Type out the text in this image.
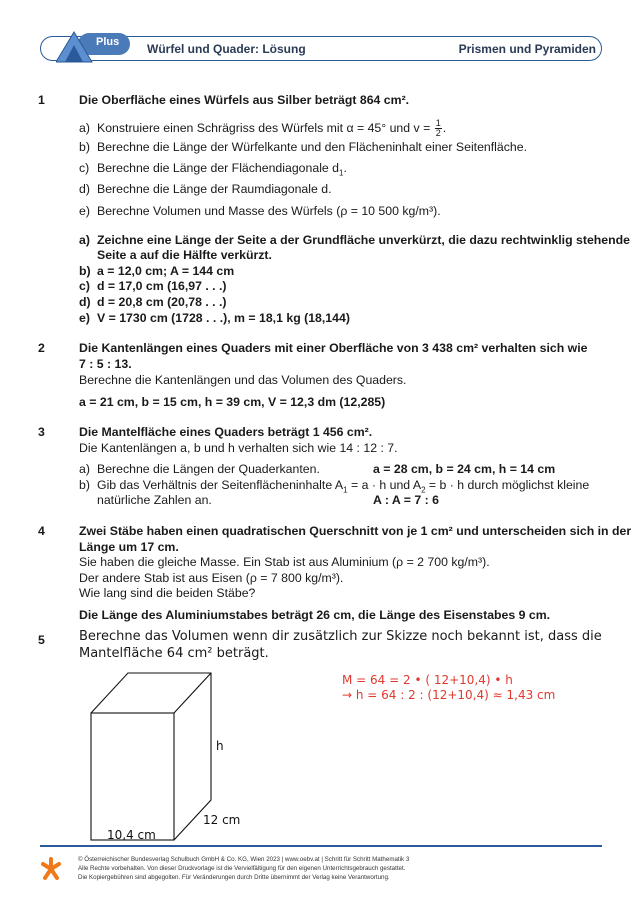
Plus Würfel und Quader: Lösung	Prismen und Pyramiden
1	Die Oberfläche eines Würfels aus Silber beträgt 864 cm².
a) Konstruiere einen Schrägriss des Würfels mit α = 45° und $v = \frac{1}{2}$ .
b) Berechne die Länge der Würfelkante und den Flächeninhalt einer Seitenfläche.
c) Berechne die Länge der Flächendiagonale $d_1$.
d) Berechne die Länge der Raumdiagonale d.
e) Berechne Volumen und Masse des Würfels (ρ = 10 500 kg/m³).
a) Zeichne eine Länge der Seite a der Grundfläche unverkürzt, die dazu rechtwinklig stehende
Seite a auf die Hälfte verkürzt.
b) a = 12,0 cm; A = 144 cm
c) d = 17,0 cm (16,97 . . .)
d) d = 20,8 cm (20,78 . . .)
e) V = 1730 cm (1728 . . .), m = 18,1 kg (18,144)
2	Die Kantenlängen eines Quaders mit einer Oberfläche von 3 438 cm² verhalten sich wie
7 : 5 : 13.
Berechne die Kantenlängen und das Volumen des Quaders.
a = 21 cm, b = 15 cm, h = 39 cm, V = 12,3 dm (12,285)
3	Die Mantelfläche eines Quaders beträgt 1 456 cm².
Die Kantenlängen a, b und h verhalten sich wie 14 : 12 : 7.
a) Berechne die Längen der Quaderkanten.	a = 28 cm, b = 24 cm, h = 14 cm
b) Gib das Verhältnis der Seitenflächeninhalte $A_1 = a \cdot h$ und $A_2 = b \cdot h$ durch möglichst kleine
natürliche Zahlen an.	A : A = 7 : 6
4	Zwei Stäbe haben einen quadratischen Querschnitt von je 1 cm² und unterscheiden sich in der
Länge um 17 cm.
Sie haben die gleiche Masse. Ein Stab ist aus Aluminium (ρ = 2 700 kg/m³).
Der andere Stab ist aus Eisen (ρ = 7 800 kg/m³).
Wie lang sind die beiden Stäbe?
Die Länge des Aluminiumstabes beträgt 26 cm, die Länge des Eisenstabes 9 cm.
5	Berechne das Volumen wenn dir zusätzlich zur Skizze noch bekannt ist, dass die
Mantelfläche 64 cm² beträgt.
M = 64 = 2 • ( 12+10,4) • h
→ h = 64 : 2 : (12+10,4) ≈ 1,43 cm
h
12 cm
10,4 cm
© Österreichischer Bundesverlag Schulbuch GmbH & Co. KG, Wien 2023 | www.oebv.at | Schritt für Schritt Mathematik 3
Alle Rechte vorbehalten. Von dieser Druckvorlage ist die Vervielfältigung für den eigenen Unterrichtsgebrauch gestattet.
Die Kopiergebühren sind abgegolten. Für Veränderungen durch Dritte übernimmt der Verlag keine Verantwortung.
